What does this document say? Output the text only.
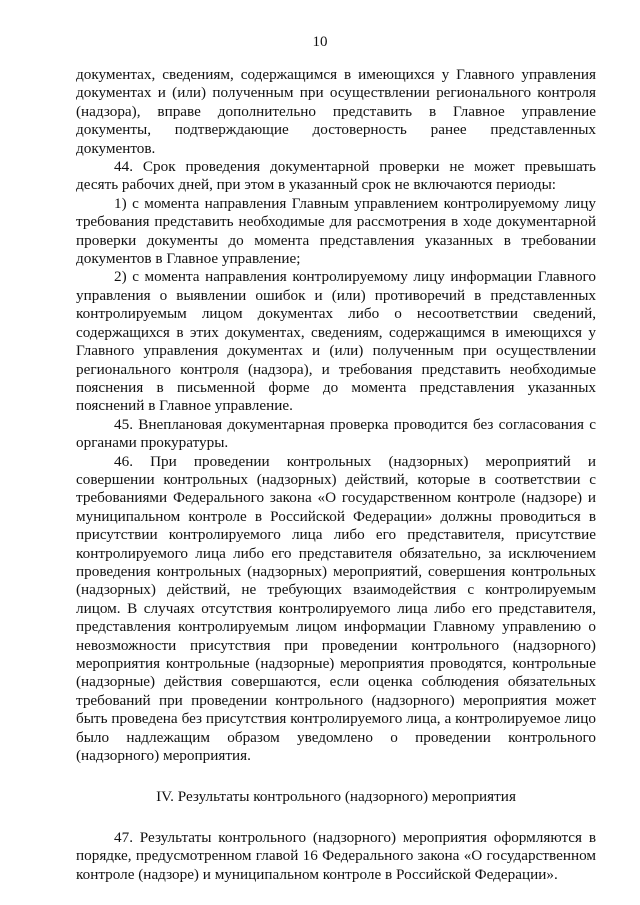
10

документах, сведениям, содержащимся в имеющихся у Главного управления документах и (или) полученным при осуществлении регионального контроля (надзора), вправе дополнительно представить в Главное управление документы, подтверждающие достоверность ранее представленных документов.

44. Срок проведения документарной проверки не может превышать десять рабочих дней, при этом в указанный срок не включаются периоды:

1) с момента направления Главным управлением контролируемому лицу требования представить необходимые для рассмотрения в ходе документарной проверки документы до момента представления указанных в требовании документов в Главное управление;

2) с момента направления контролируемому лицу информации Главного управления о выявлении ошибок и (или) противоречий в представленных контролируемым лицом документах либо о несоответствии сведений, содержащихся в этих документах, сведениям, содержащимся в имеющихся у Главного управления документах и (или) полученным при осуществлении регионального контроля (надзора), и требования представить необходимые пояснения в письменной форме до момента представления указанных пояснений в Главное управление.

45. Внеплановая документарная проверка проводится без согласования с органами прокуратуры.

46. При проведении контрольных (надзорных) мероприятий и совершении контрольных (надзорных) действий, которые в соответствии с требованиями Федерального закона «О государственном контроле (надзоре) и муниципальном контроле в Российской Федерации» должны проводиться в присутствии контролируемого лица либо его представителя, присутствие контролируемого лица либо его представителя обязательно, за исключением проведения контрольных (надзорных) мероприятий, совершения контрольных (надзорных) действий, не требующих взаимодействия с контролируемым лицом. В случаях отсутствия контролируемого лица либо его представителя, представления контролируемым лицом информации Главному управлению о невозможности присутствия при проведении контрольного (надзорного) мероприятия контрольные (надзорные) мероприятия проводятся, контрольные (надзорные) действия совершаются, если оценка соблюдения обязательных требований при проведении контрольного (надзорного) мероприятия может быть проведена без присутствия контролируемого лица, а контролируемое лицо было надлежащим образом уведомлено о проведении контрольного (надзорного) мероприятия.

IV. Результаты контрольного (надзорного) мероприятия

47. Результаты контрольного (надзорного) мероприятия оформляются в порядке, предусмотренном главой 16 Федерального закона «О государственном контроле (надзоре) и муниципальном контроле в Российской Федерации».
